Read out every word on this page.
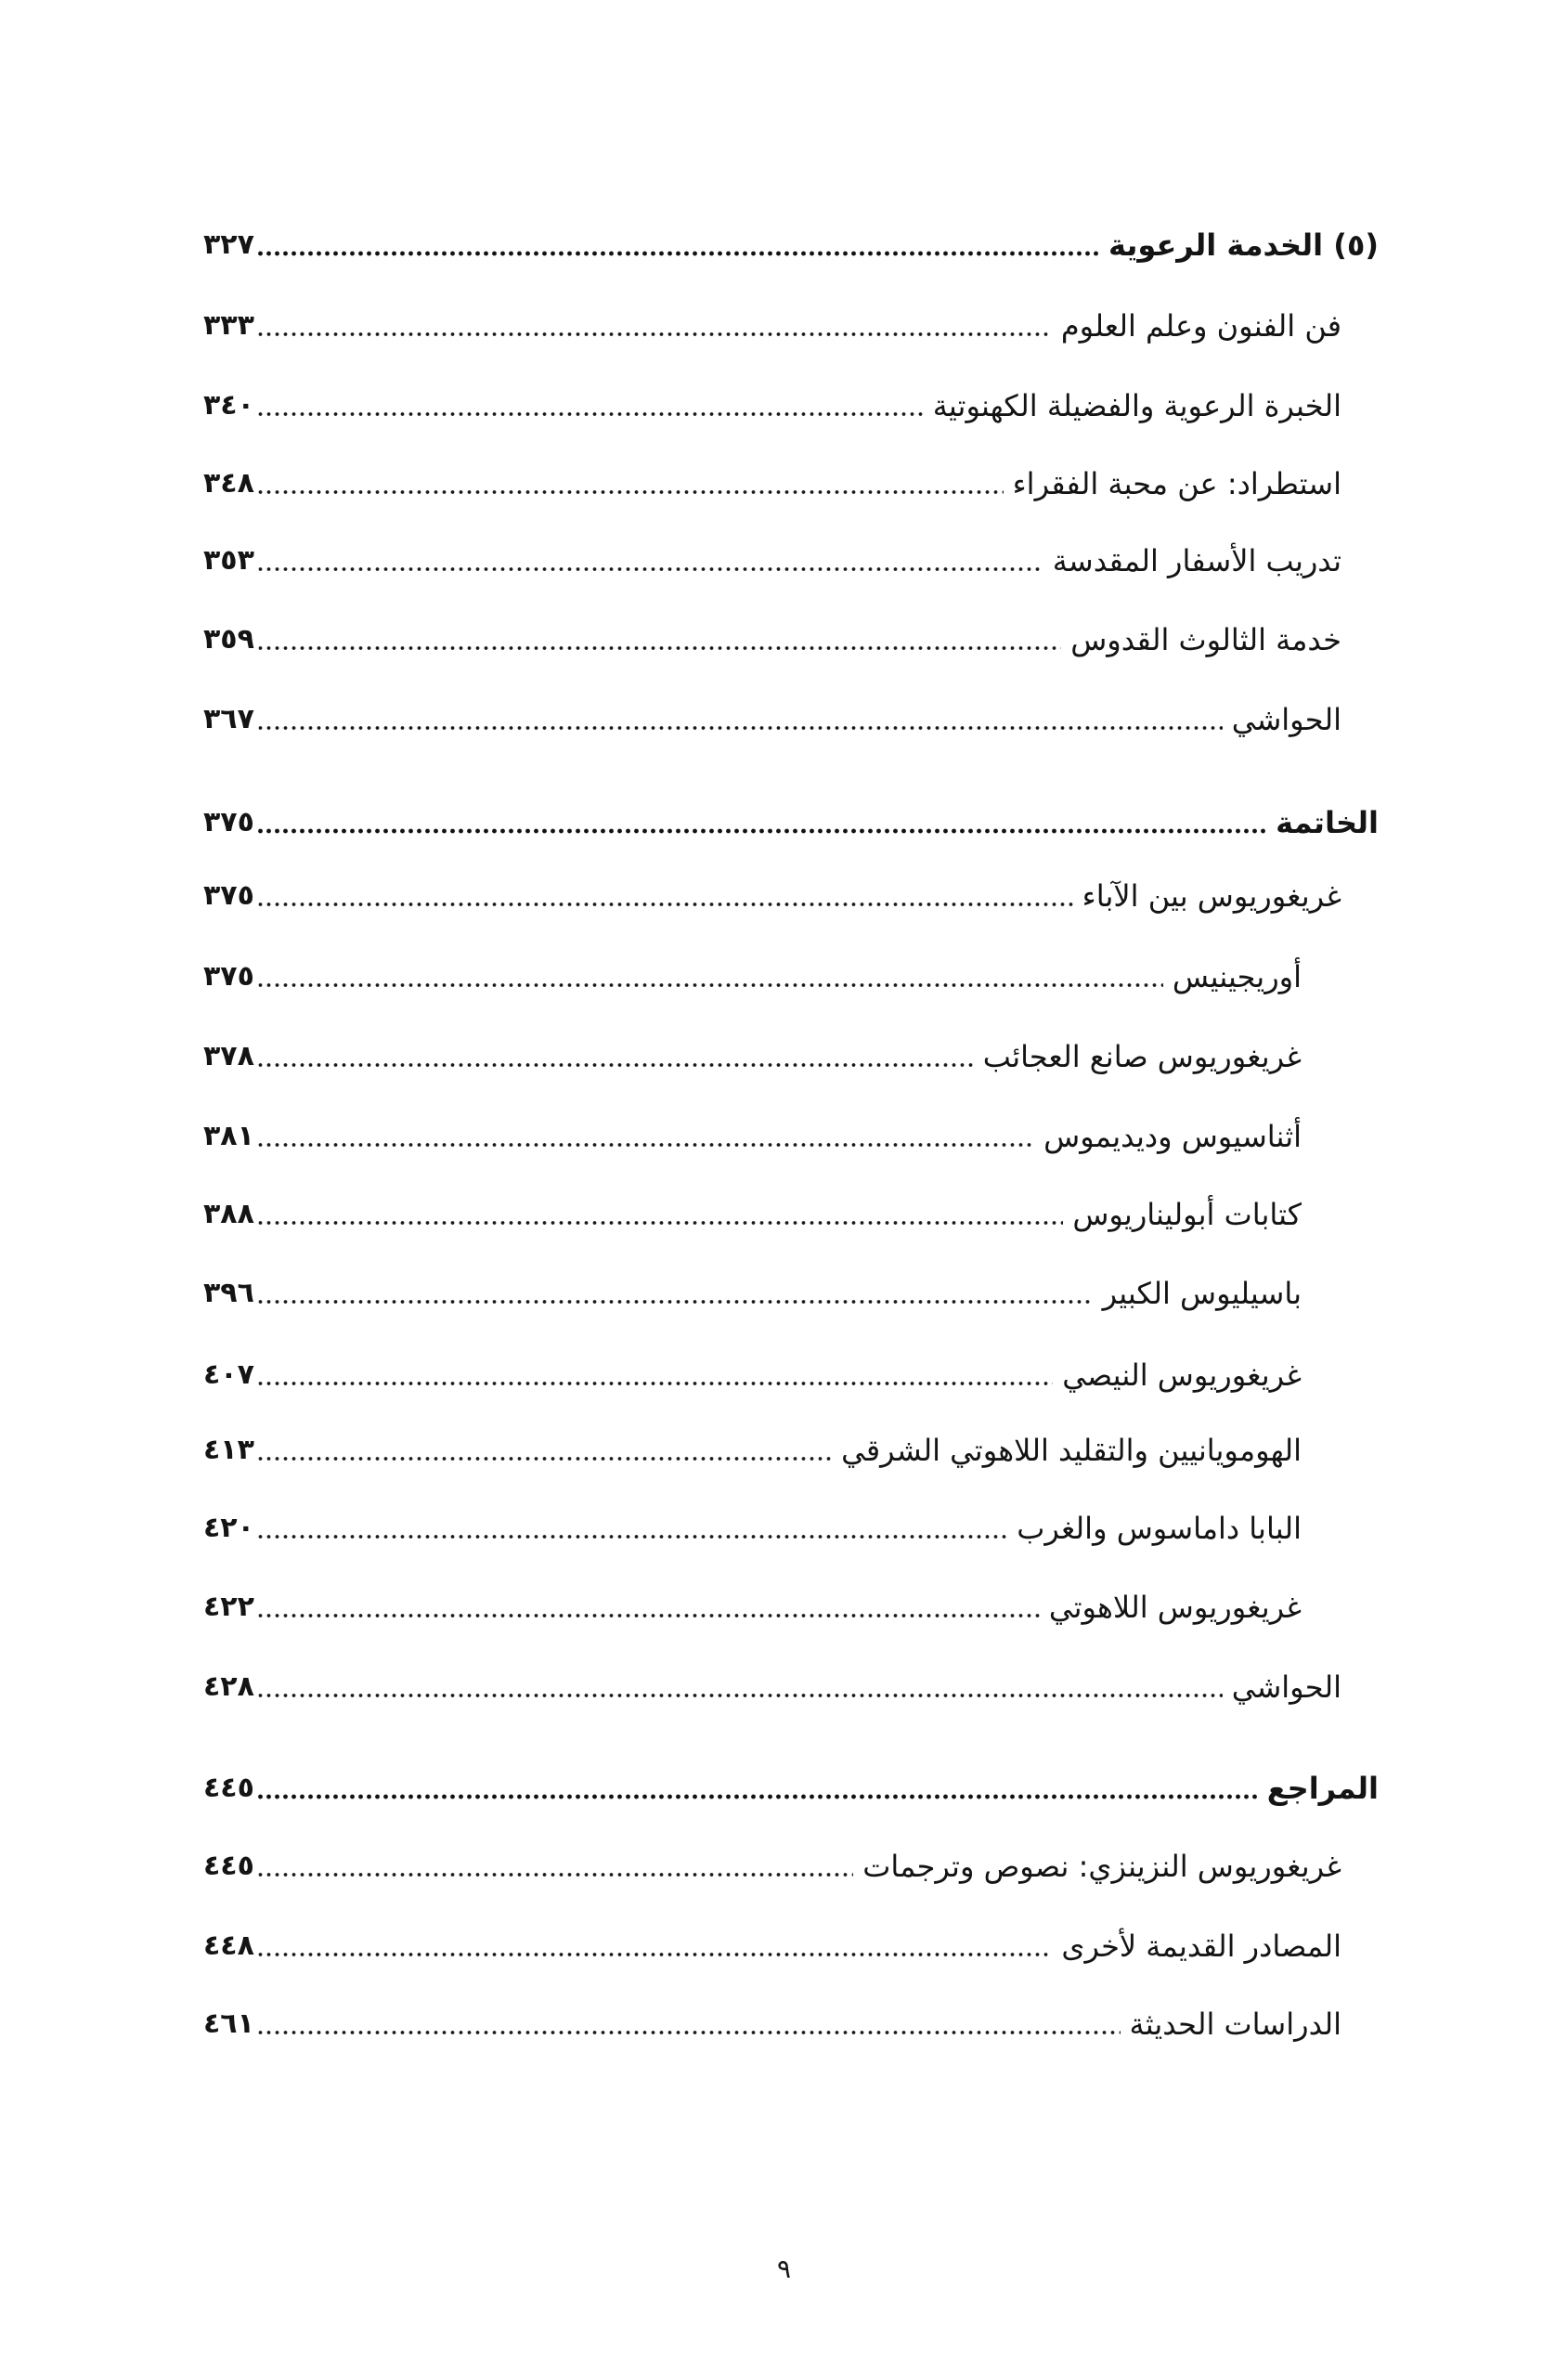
(٥) الخدمة الرعوية
٣٢٧
فن الفنون وعلم العلوم
٣٣٣
الخبرة الرعوية والفضيلة الكهنوتية
٣٤٠
استطراد: عن محبة الفقراء
٣٤٨
تدريب الأسفار المقدسة
٣٥٣
خدمة الثالوث القدوس
٣٥٩
الحواشي
٣٦٧
الخاتمة
٣٧٥
غريغوريوس بين الآباء
٣٧٥
أوريجينيس
٣٧٥
غريغوريوس صانع العجائب
٣٧٨
أثناسيوس وديديموس
٣٨١
كتابات أبوليناريوس
٣٨٨
باسيليوس الكبير
٣٩٦
غريغوريوس النيصي
٤٠٧
الهومويانيين والتقليد اللاهوتي الشرقي
٤١٣
البابا داماسوس والغرب
٤٢٠
غريغوريوس اللاهوتي
٤٢٢
الحواشي
٤٢٨
المراجع
٤٤٥
غريغوريوس النزينزي: نصوص وترجمات
٤٤٥
المصادر القديمة لأخرى
٤٤٨
الدراسات الحديثة
٤٦١
٩
